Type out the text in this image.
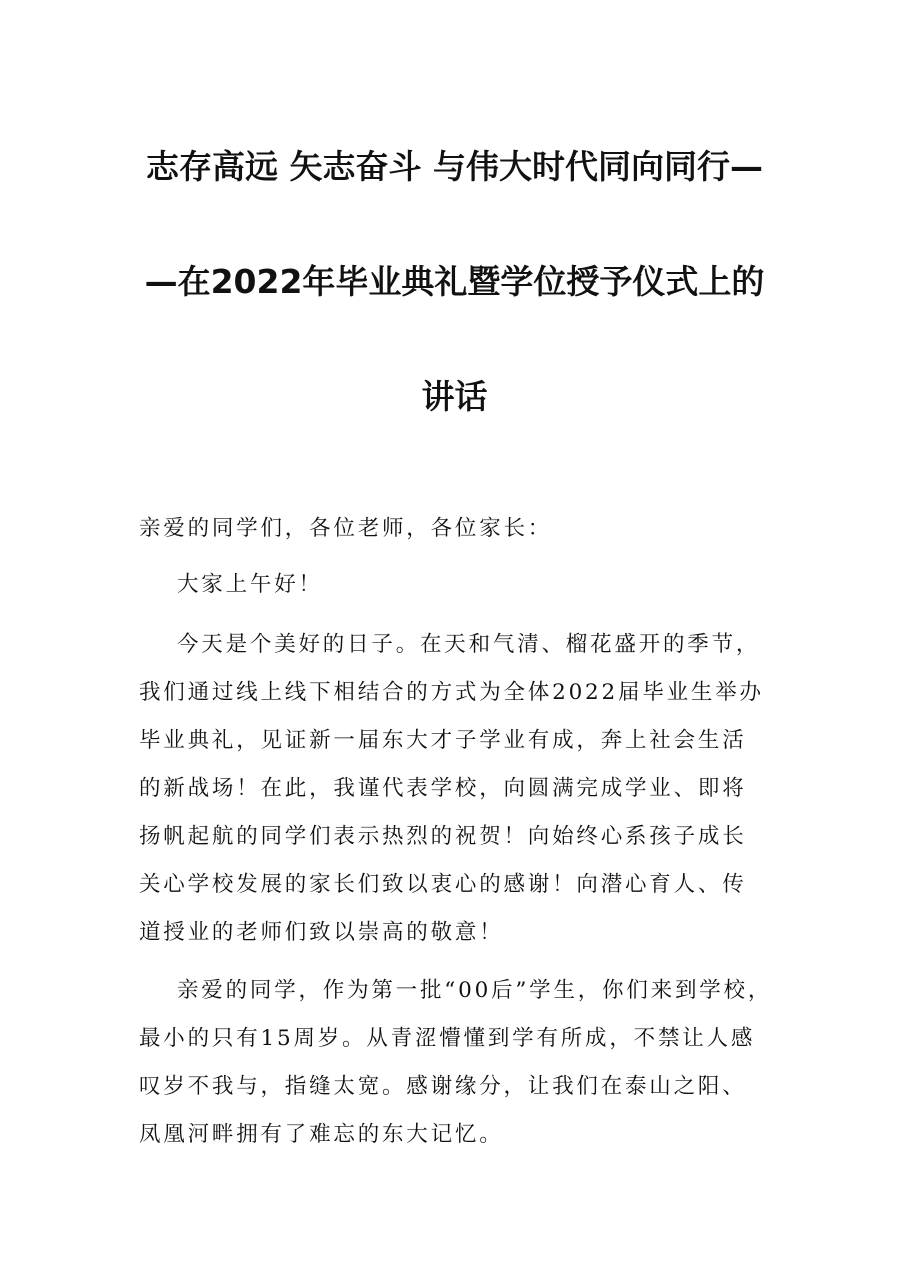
志存高远 矢志奋斗 与伟大时代同向同行—
—在2022年毕业典礼暨学位授予仪式上的
讲话
亲爱的同学们，各位老师，各位家长：
大家上午好！
今天是个美好的日子。在天和气清、榴花盛开的季节，
我们通过线上线下相结合的方式为全体2022届毕业生举办
毕业典礼，见证新一届东大才子学业有成，奔上社会生活
的新战场！在此，我谨代表学校，向圆满完成学业、即将
扬帆起航的同学们表示热烈的祝贺！向始终心系孩子成长
关心学校发展的家长们致以衷心的感谢！向潜心育人、传
道授业的老师们致以崇高的敬意！
亲爱的同学，作为第一批“00后”学生，你们来到学校，
最小的只有15周岁。从青涩懵懂到学有所成，不禁让人感
叹岁不我与，指缝太宽。感谢缘分，让我们在泰山之阳、
凤凰河畔拥有了难忘的东大记忆。
